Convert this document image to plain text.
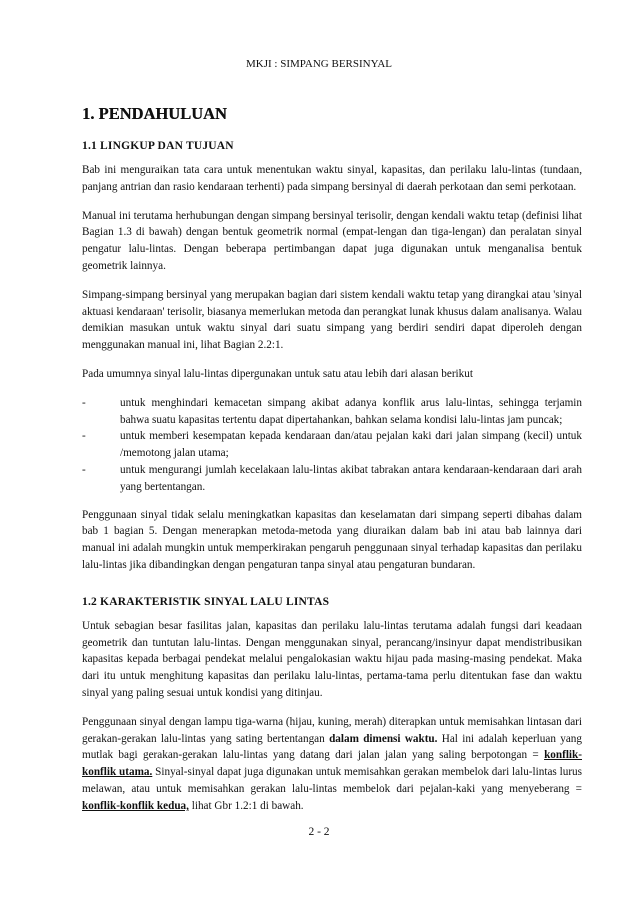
MKJI : SIMPANG BERSINYAL
1. PENDAHULUAN
1.1 LINGKUP DAN TUJUAN

Bab ini menguraikan tata cara untuk menentukan waktu sinyal, kapasitas, dan perilaku lalu-lintas (tundaan, panjang antrian dan rasio kendaraan terhenti) pada simpang bersinyal di daerah perkotaan dan semi perkotaan.

Manual ini terutama herhubungan dengan simpang bersinyal terisolir, dengan kendali waktu tetap (definisi lihat Bagian 1.3 di bawah) dengan bentuk geometrik normal (empat-lengan dan tiga-lengan) dan peralatan sinyal pengatur lalu-lintas. Dengan beberapa pertimbangan dapat juga digunakan untuk menganalisa bentuk geometrik lainnya.

Simpang-simpang bersinyal yang merupakan bagian dari sistem kendali waktu tetap yang dirangkai atau 'sinyal aktuasi kendaraan' terisolir, biasanya memerlukan metoda dan perangkat lunak khusus dalam analisanya. Walau demikian masukan untuk waktu sinyal dari suatu simpang yang berdiri sendiri dapat diperoleh dengan menggunakan manual ini, lihat Bagian 2.2:1.

Pada umumnya sinyal lalu-lintas dipergunakan untuk satu atau lebih dari alasan berikut

-	untuk menghindari kemacetan simpang akibat adanya konflik arus lalu-lintas, sehingga terjamin bahwa suatu kapasitas tertentu dapat dipertahankan, bahkan selama kondisi lalu-lintas jam puncak;
-	untuk memberi kesempatan kepada kendaraan dan/atau pejalan kaki dari jalan simpang (kecil) untuk /memotong jalan utama;
-	untuk mengurangi jumlah kecelakaan lalu-lintas akibat tabrakan antara kendaraan-kendaraan dari arah yang bertentangan.

Penggunaan sinyal tidak selalu meningkatkan kapasitas dan keselamatan dari simpang seperti dibahas dalam bab 1 bagian 5. Dengan menerapkan metoda-metoda yang diuraikan dalam bab ini atau bab lainnya dari manual ini adalah mungkin untuk memperkirakan pengaruh penggunaan sinyal terhadap kapasitas dan perilaku lalu-lintas jika dibandingkan dengan pengaturan tanpa sinyal atau pengaturan bundaran.

1.2 KARAKTERISTIK SINYAL LALU LINTAS

Untuk sebagian besar fasilitas jalan, kapasitas dan perilaku lalu-lintas terutama adalah fungsi dari keadaan geometrik dan tuntutan lalu-lintas. Dengan menggunakan sinyal, perancang/insinyur dapat mendistribusikan kapasitas kepada berbagai pendekat melalui pengalokasian waktu hijau pada masing-masing pendekat. Maka dari itu untuk menghitung kapasitas dan perilaku lalu-lintas, pertama-tama perlu ditentukan fase dan waktu sinyal yang paling sesuai untuk kondisi yang ditinjau.

Penggunaan sinyal dengan lampu tiga-warna (hijau, kuning, merah) diterapkan untuk memisahkan lintasan dari gerakan-gerakan lalu-lintas yang sating bertentangan dalam dimensi waktu. Hal ini adalah keperluan yang mutlak bagi gerakan-gerakan lalu-lintas yang datang dari jalan jalan yang saling berpotongan = konflik-konflik utama. Sinyal-sinyal dapat juga digunakan untuk memisahkan gerakan membelok dari lalu-lintas lurus melawan, atau untuk memisahkan gerakan lalu-lintas membelok dari pejalan-kaki yang menyeberang = konflik-konflik kedua, lihat Gbr 1.2:1 di bawah.

2 - 2
